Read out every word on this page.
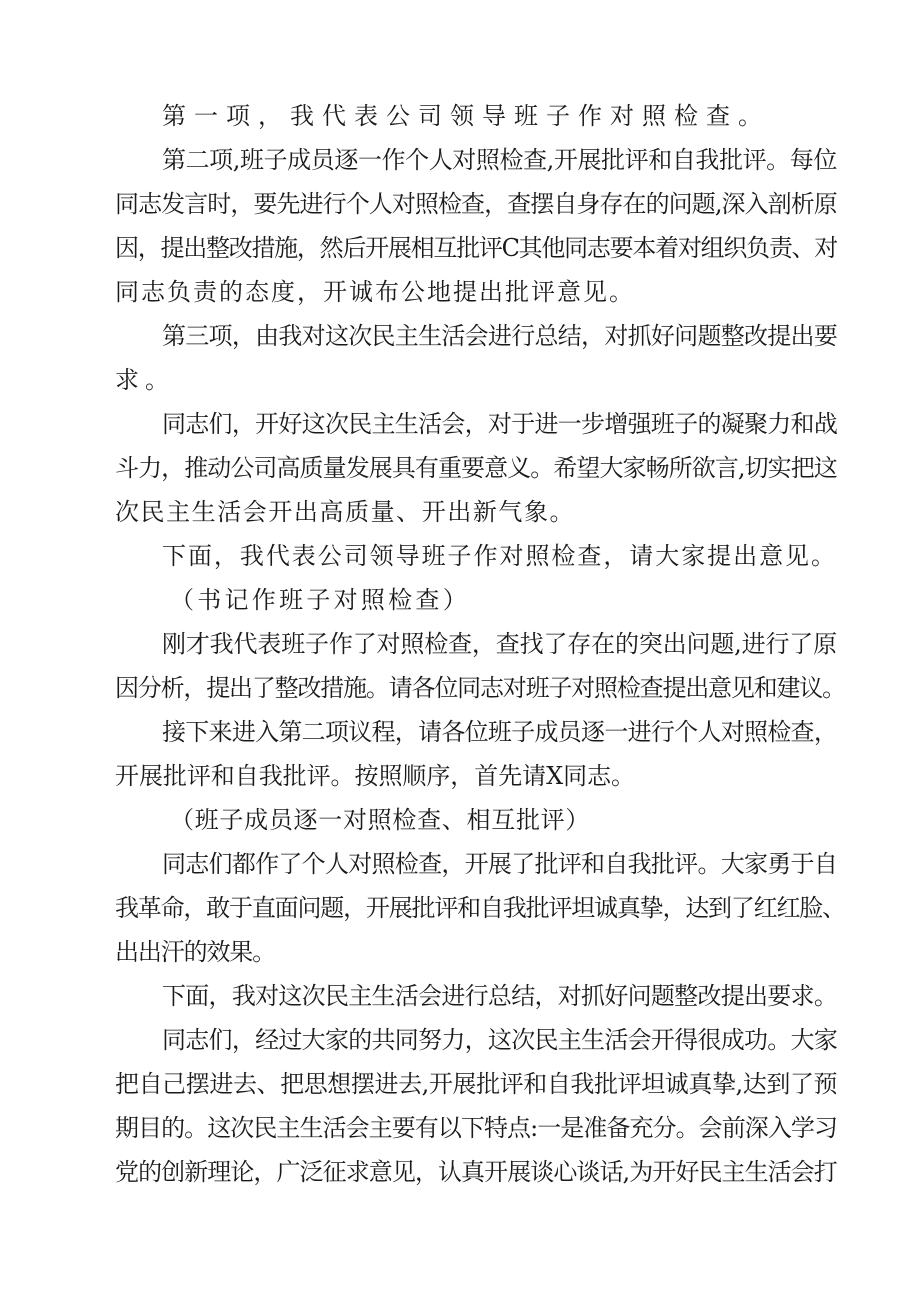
第一项，我代表公司领导班子作对照检查。
第二项,班子成员逐一作个人对照检查,开展批评和自我批评。每位
同志发言时，要先进行个人对照检查，查摆自身存在的问题,深入剖析原
因，提出整改措施，然后开展相互批评C其他同志要本着对组织负责、对
同志负责的态度，开诚布公地提出批评意见。
第三项，由我对这次民主生活会进行总结，对抓好问题整改提出要
求。
同志们，开好这次民主生活会，对于进一步增强班子的凝聚力和战
斗力，推动公司高质量发展具有重要意义。希望大家畅所欲言,切实把这
次民主生活会开出高质量、开出新气象。
下面，我代表公司领导班子作对照检查，请大家提出意见。
（书记作班子对照检查）
刚才我代表班子作了对照检查，查找了存在的突出问题,进行了原
因分析，提出了整改措施。请各位同志对班子对照检查提出意见和建议。
接下来进入第二项议程，请各位班子成员逐一进行个人对照检查，
开展批评和自我批评。按照顺序，首先请X同志。
（班子成员逐一对照检查、相互批评）
同志们都作了个人对照检查，开展了批评和自我批评。大家勇于自
我革命，敢于直面问题，开展批评和自我批评坦诚真挚，达到了红红脸、
出出汗的效果。
下面，我对这次民主生活会进行总结，对抓好问题整改提出要求。
同志们，经过大家的共同努力，这次民主生活会开得很成功。大家
把自己摆进去、把思想摆进去,开展批评和自我批评坦诚真挚,达到了预
期目的。这次民主生活会主要有以下特点:一是准备充分。会前深入学习
党的创新理论，广泛征求意见，认真开展谈心谈话,为开好民主生活会打
